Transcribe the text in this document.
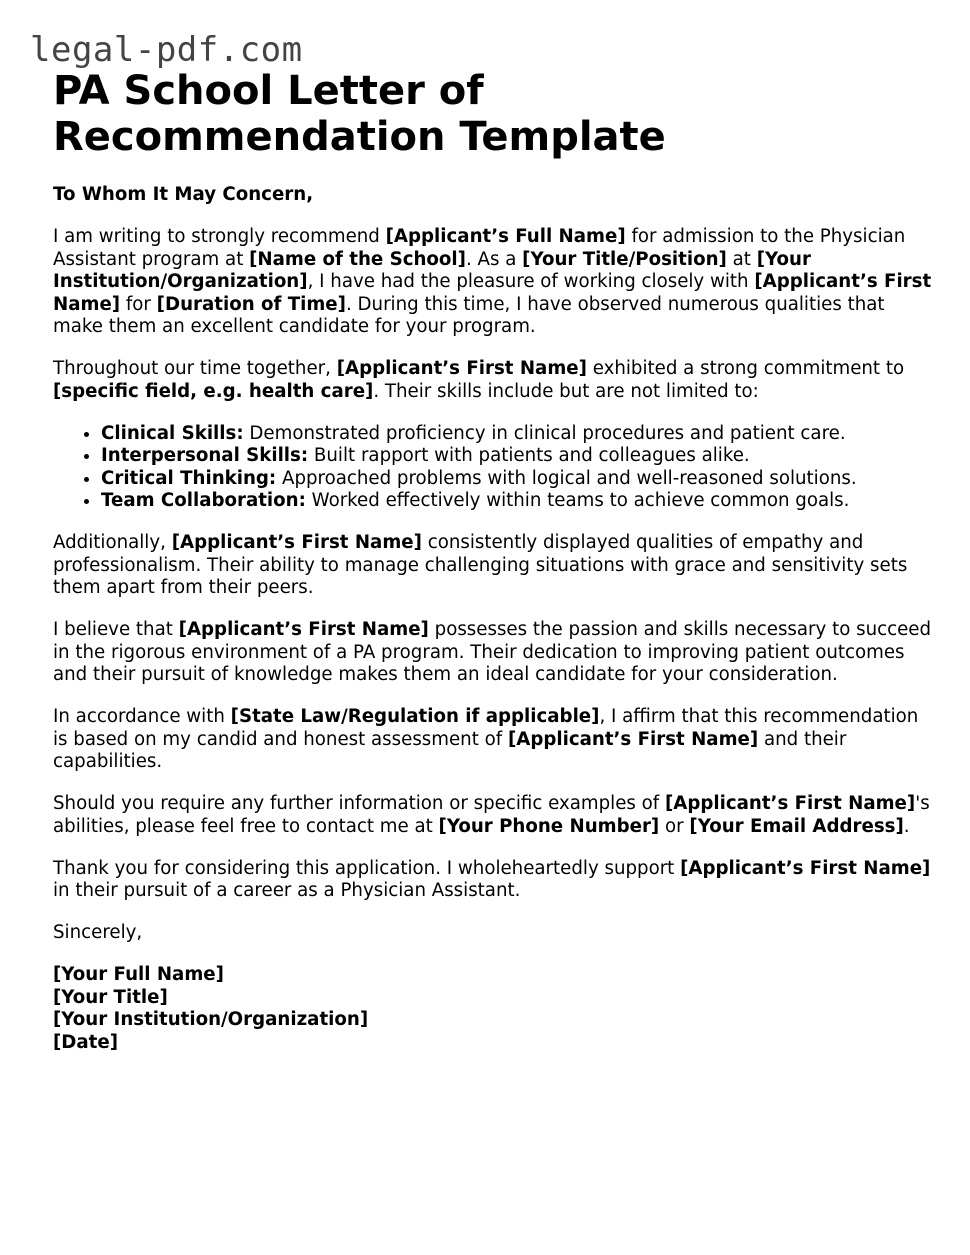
legal-pdf.com
PA School Letter of Recommendation Template

To Whom It May Concern,

I am writing to strongly recommend [Applicant’s Full Name] for admission to the Physician Assistant program at [Name of the School]. As a [Your Title/Position] at [Your Institution/Organization], I have had the pleasure of working closely with [Applicant’s First Name] for [Duration of Time]. During this time, I have observed numerous qualities that make them an excellent candidate for your program.

Throughout our time together, [Applicant’s First Name] exhibited a strong commitment to [specific field, e.g. health care]. Their skills include but are not limited to:

• Clinical Skills: Demonstrated proficiency in clinical procedures and patient care.
• Interpersonal Skills: Built rapport with patients and colleagues alike.
• Critical Thinking: Approached problems with logical and well-reasoned solutions.
• Team Collaboration: Worked effectively within teams to achieve common goals.

Additionally, [Applicant’s First Name] consistently displayed qualities of empathy and professionalism. Their ability to manage challenging situations with grace and sensitivity sets them apart from their peers.

I believe that [Applicant’s First Name] possesses the passion and skills necessary to succeed in the rigorous environment of a PA program. Their dedication to improving patient outcomes and their pursuit of knowledge makes them an ideal candidate for your consideration.

In accordance with [State Law/Regulation if applicable], I affirm that this recommendation is based on my candid and honest assessment of [Applicant’s First Name] and their capabilities.

Should you require any further information or specific examples of [Applicant’s First Name]'s abilities, please feel free to contact me at [Your Phone Number] or [Your Email Address].

Thank you for considering this application. I wholeheartedly support [Applicant’s First Name] in their pursuit of a career as a Physician Assistant.

Sincerely,

[Your Full Name]
[Your Title]
[Your Institution/Organization]
[Date]
